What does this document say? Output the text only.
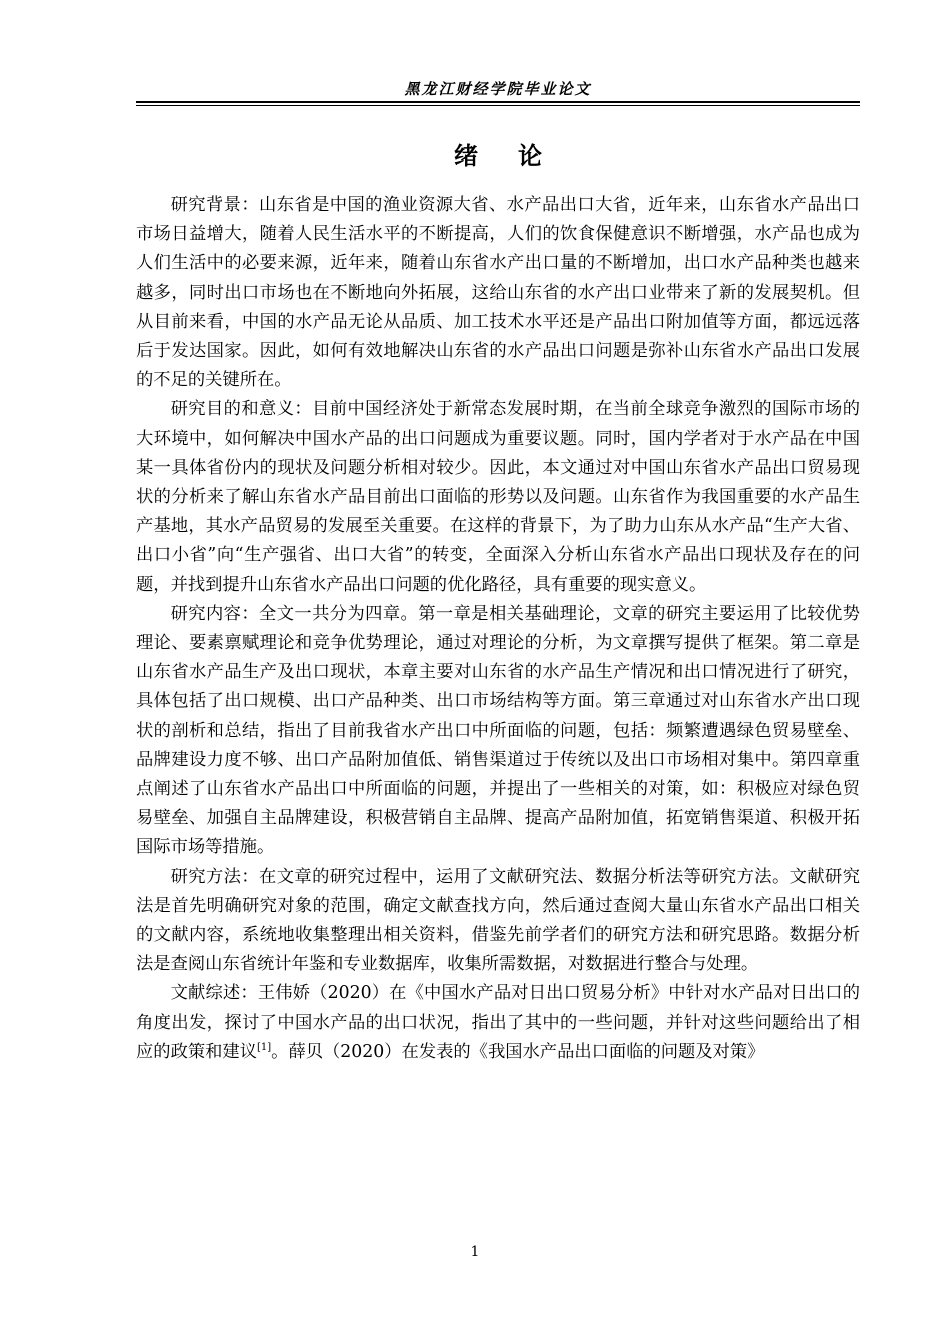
黑龙江财经学院毕业论文
绪论

研究背景：山东省是中国的渔业资源大省、水产品出口大省，近年来，山东省水产品出口市场日益增大，随着人民生活水平的不断提高，人们的饮食保健意识不断增强，水产品也成为人们生活中的必要来源，近年来，随着山东省水产出口量的不断增加，出口水产品种类也越来越多，同时出口市场也在不断地向外拓展，这给山东省的水产出口业带来了新的发展契机。但从目前来看，中国的水产品无论从品质、加工技术水平还是产品出口附加值等方面，都远远落后于发达国家。因此，如何有效地解决山东省的水产品出口问题是弥补山东省水产品出口发展的不足的关键所在。

研究目的和意义：目前中国经济处于新常态发展时期，在当前全球竞争激烈的国际市场的大环境中，如何解决中国水产品的出口问题成为重要议题。同时，国内学者对于水产品在中国某一具体省份内的现状及问题分析相对较少。因此，本文通过对中国山东省水产品出口贸易现状的分析来了解山东省水产品目前出口面临的形势以及问题。山东省作为我国重要的水产品生产基地，其水产品贸易的发展至关重要。在这样的背景下，为了助力山东从水产品“生产大省、出口小省”向“生产强省、出口大省”的转变，全面深入分析山东省水产品出口现状及存在的问题，并找到提升山东省水产品出口问题的优化路径，具有重要的现实意义。

研究内容：全文一共分为四章。第一章是相关基础理论，文章的研究主要运用了比较优势理论、要素禀赋理论和竞争优势理论，通过对理论的分析，为文章撰写提供了框架。第二章是山东省水产品生产及出口现状，本章主要对山东省的水产品生产情况和出口情况进行了研究，具体包括了出口规模、出口产品种类、出口市场结构等方面。第三章通过对山东省水产出口现状的剖析和总结，指出了目前我省水产出口中所面临的问题，包括：频繁遭遇绿色贸易壁垒、品牌建设力度不够、出口产品附加值低、销售渠道过于传统以及出口市场相对集中。第四章重点阐述了山东省水产品出口中所面临的问题，并提出了一些相关的对策，如：积极应对绿色贸易壁垒、加强自主品牌建设，积极营销自主品牌、提高产品附加值，拓宽销售渠道、积极开拓国际市场等措施。

研究方法：在文章的研究过程中，运用了文献研究法、数据分析法等研究方法。文献研究法是首先明确研究对象的范围，确定文献查找方向，然后通过查阅大量山东省水产品出口相关的文献内容，系统地收集整理出相关资料，借鉴先前学者们的研究方法和研究思路。数据分析法是查阅山东省统计年鉴和专业数据库，收集所需数据，对数据进行整合与处理。

文献综述：王伟娇（2020）在《中国水产品对日出口贸易分析》中针对水产品对日出口的角度出发，探讨了中国水产品的出口状况，指出了其中的一些问题，并针对这些问题给出了相应的政策和建议[1]。薛贝（2020）在发表的《我国水产品出口面临的问题及对策》

1
